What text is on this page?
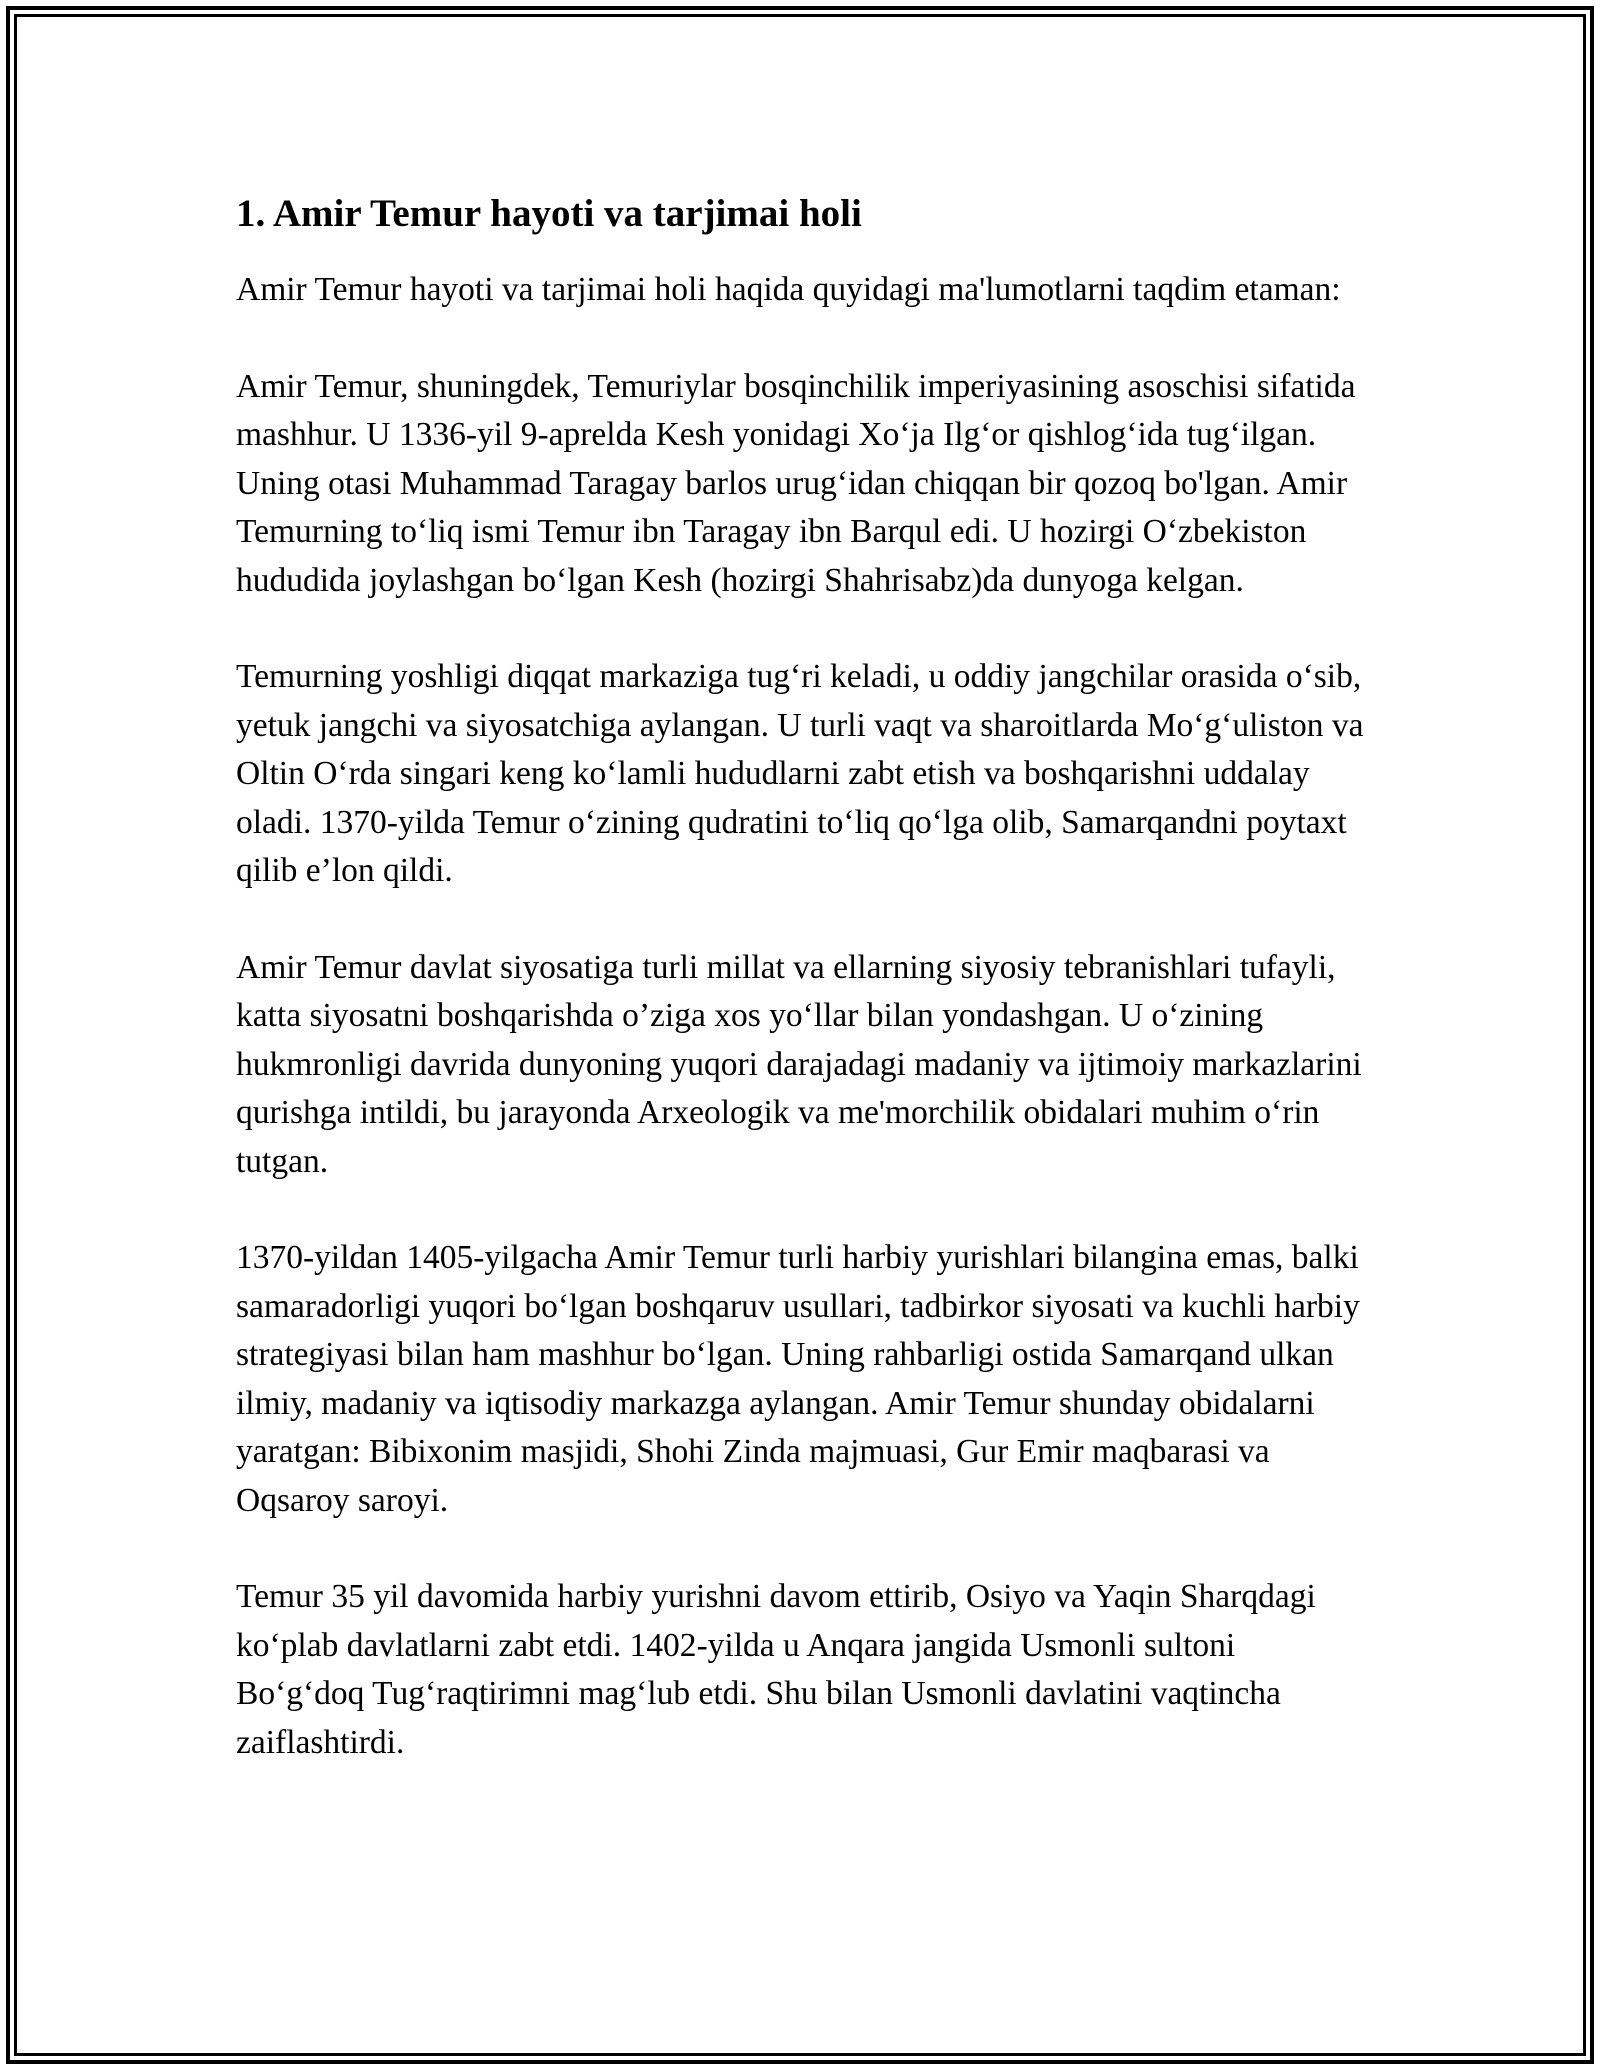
1. Amir Temur hayoti va tarjimai holi

Amir Temur hayoti va tarjimai holi haqida quyidagi ma'lumotlarni taqdim etaman:

Amir Temur, shuningdek, Temuriylar bosqinchilik imperiyasining asoschisi sifatida mashhur. U 1336-yil 9-aprelda Kesh yonidagi Xoʻja Ilgʻor qishlogʻida tugʻilgan. Uning otasi Muhammad Taragay barlos urugʻidan chiqqan bir qozoq bo'lgan. Amir Temurning toʻliq ismi Temur ibn Taragay ibn Barqul edi. U hozirgi Oʻzbekiston hududida joylashgan boʻlgan Kesh (hozirgi Shahrisabz)da dunyoga kelgan.

Temurning yoshligi diqqat markaziga tugʻri keladi, u oddiy jangchilar orasida oʻsib, yetuk jangchi va siyosatchiga aylangan. U turli vaqt va sharoitlarda Moʻgʻuliston va Oltin Oʻrda singari keng koʻlamli hududlarni zabt etish va boshqarishni uddalay oladi. 1370-yilda Temur oʻzining qudratini toʻliq qoʻlga olib, Samarqandni poytaxt qilib e’lon qildi.

Amir Temur davlat siyosatiga turli millat va ellarning siyosiy tebranishlari tufayli, katta siyosatni boshqarishda o’ziga xos yoʻllar bilan yondashgan. U oʻzining hukmronligi davrida dunyoning yuqori darajadagi madaniy va ijtimoiy markazlarini qurishga intildi, bu jarayonda Arxeologik va me'morchilik obidalari muhim oʻrin tutgan.

1370-yildan 1405-yilgacha Amir Temur turli harbiy yurishlari bilangina emas, balki samaradorligi yuqori boʻlgan boshqaruv usullari, tadbirkor siyosati va kuchli harbiy strategiyasi bilan ham mashhur boʻlgan. Uning rahbarligi ostida Samarqand ulkan ilmiy, madaniy va iqtisodiy markazga aylangan. Amir Temur shunday obidalarni yaratgan: Bibixonim masjidi, Shohi Zinda majmuasi, Gur Emir maqbarasi va Oqsaroy saroyi.

Temur 35 yil davomida harbiy yurishni davom ettirib, Osiyo va Yaqin Sharqdagi koʻplab davlatlarni zabt etdi. 1402-yilda u Anqara jangida Usmonli sultoni Boʻgʻdoq Tugʻraqtirimni magʻlub etdi. Shu bilan Usmonli davlatini vaqtincha zaiflashtirdi.
